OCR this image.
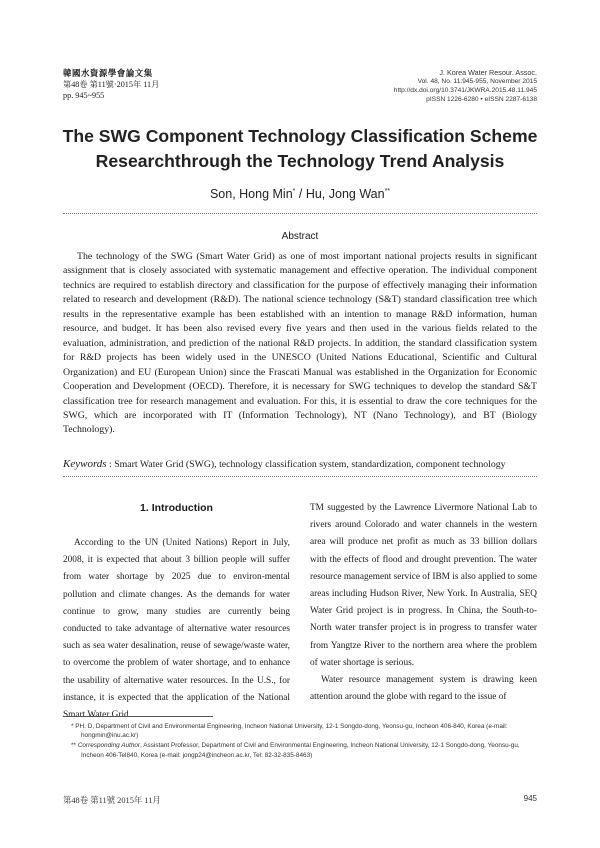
韓國水資源學會論文集
第48卷 第11號·2015年 11月
pp. 945~955
J. Korea Water Resour. Assoc.
Vol. 48, No. 11:945-955, November 2015
http://dx.doi.org/10.3741/JKWRA.2015.48.11.945
pISSN 1226-6280 • eISSN 2287-6138
The SWG Component Technology Classification Scheme
Researchthrough the Technology Trend Analysis
Son, Hong Min* / Hu, Jong Wan**
Abstract

The technology of the SWG (Smart Water Grid) as one of most important national projects results in significant assignment that is closely associated with systematic management and effective operation. The individual component technics are required to establish directory and classification for the purpose of effectively managing their information related to research and development (R&D). The national science technology (S&T) standard classification tree which results in the representative example has been established with an intention to manage R&D information, human resource, and budget. It has been also revised every five years and then used in the various fields related to the evaluation, administration, and prediction of the national R&D projects. In addition, the standard classification system for R&D projects has been widely used in the UNESCO (United Nations Educational, Scientific and Cultural Organization) and EU (European Union) since the Frascati Manual was established in the Organization for Economic Cooperation and Development (OECD). Therefore, it is necessary for SWG techniques to develop the standard S&T classification tree for research management and evaluation. For this, it is essential to draw the core techniques for the SWG, which are incorporated with IT (Information Technology), NT (Nano Technology), and BT (Biology Technology).

Keywords : Smart Water Grid (SWG), technology classification system, standardization, component technology
1. Introduction

According to the UN (United Nations) Report in July, 2008, it is expected that about 3 billion people will suffer from water shortage by 2025 due to environ-mental pollution and climate changes. As the demands for water continue to grow, many studies are currently being conducted to take advantage of alternative water resources such as sea water desalination, reuse of sewage/waste water, to overcome the problem of water shortage, and to enhance the usability of alternative water resources. In the U.S., for instance, it is expected that the application of the National Smart Water Grid

TM suggested by the Lawrence Livermore National Lab to rivers around Colorado and water channels in the western area will produce net profit as much as 33 billion dollars with the effects of flood and drought prevention. The water resource management service of IBM is also applied to some areas including Hudson River, New York. In Australia, SEQ Water Grid project is in progress. In China, the South-to-North water transfer project is in progress to transfer water from Yangtze River to the northern area where the problem of water shortage is serious.

Water resource management system is drawing keen attention around the globe with regard to the issue of

* PH. D, Department of Civil and Environmental Engineering, Incheon National University, 12-1 Songdo-dong, Yeonsu-gu, Incheon 406-840, Korea (e-mail: hongmin@inu.ac.kr)

** Corresponding Author, Assistant Professor, Department of Civil and Environmental Engineering, Incheon National University, 12-1 Songdo-dong, Yeonsu-gu, Incheon 406-Tel840, Korea (e-mail: jongp24@incheon.ac.kr, Tel: 82-32-835-8463)

第48卷 第11號 2015年 11月	945
